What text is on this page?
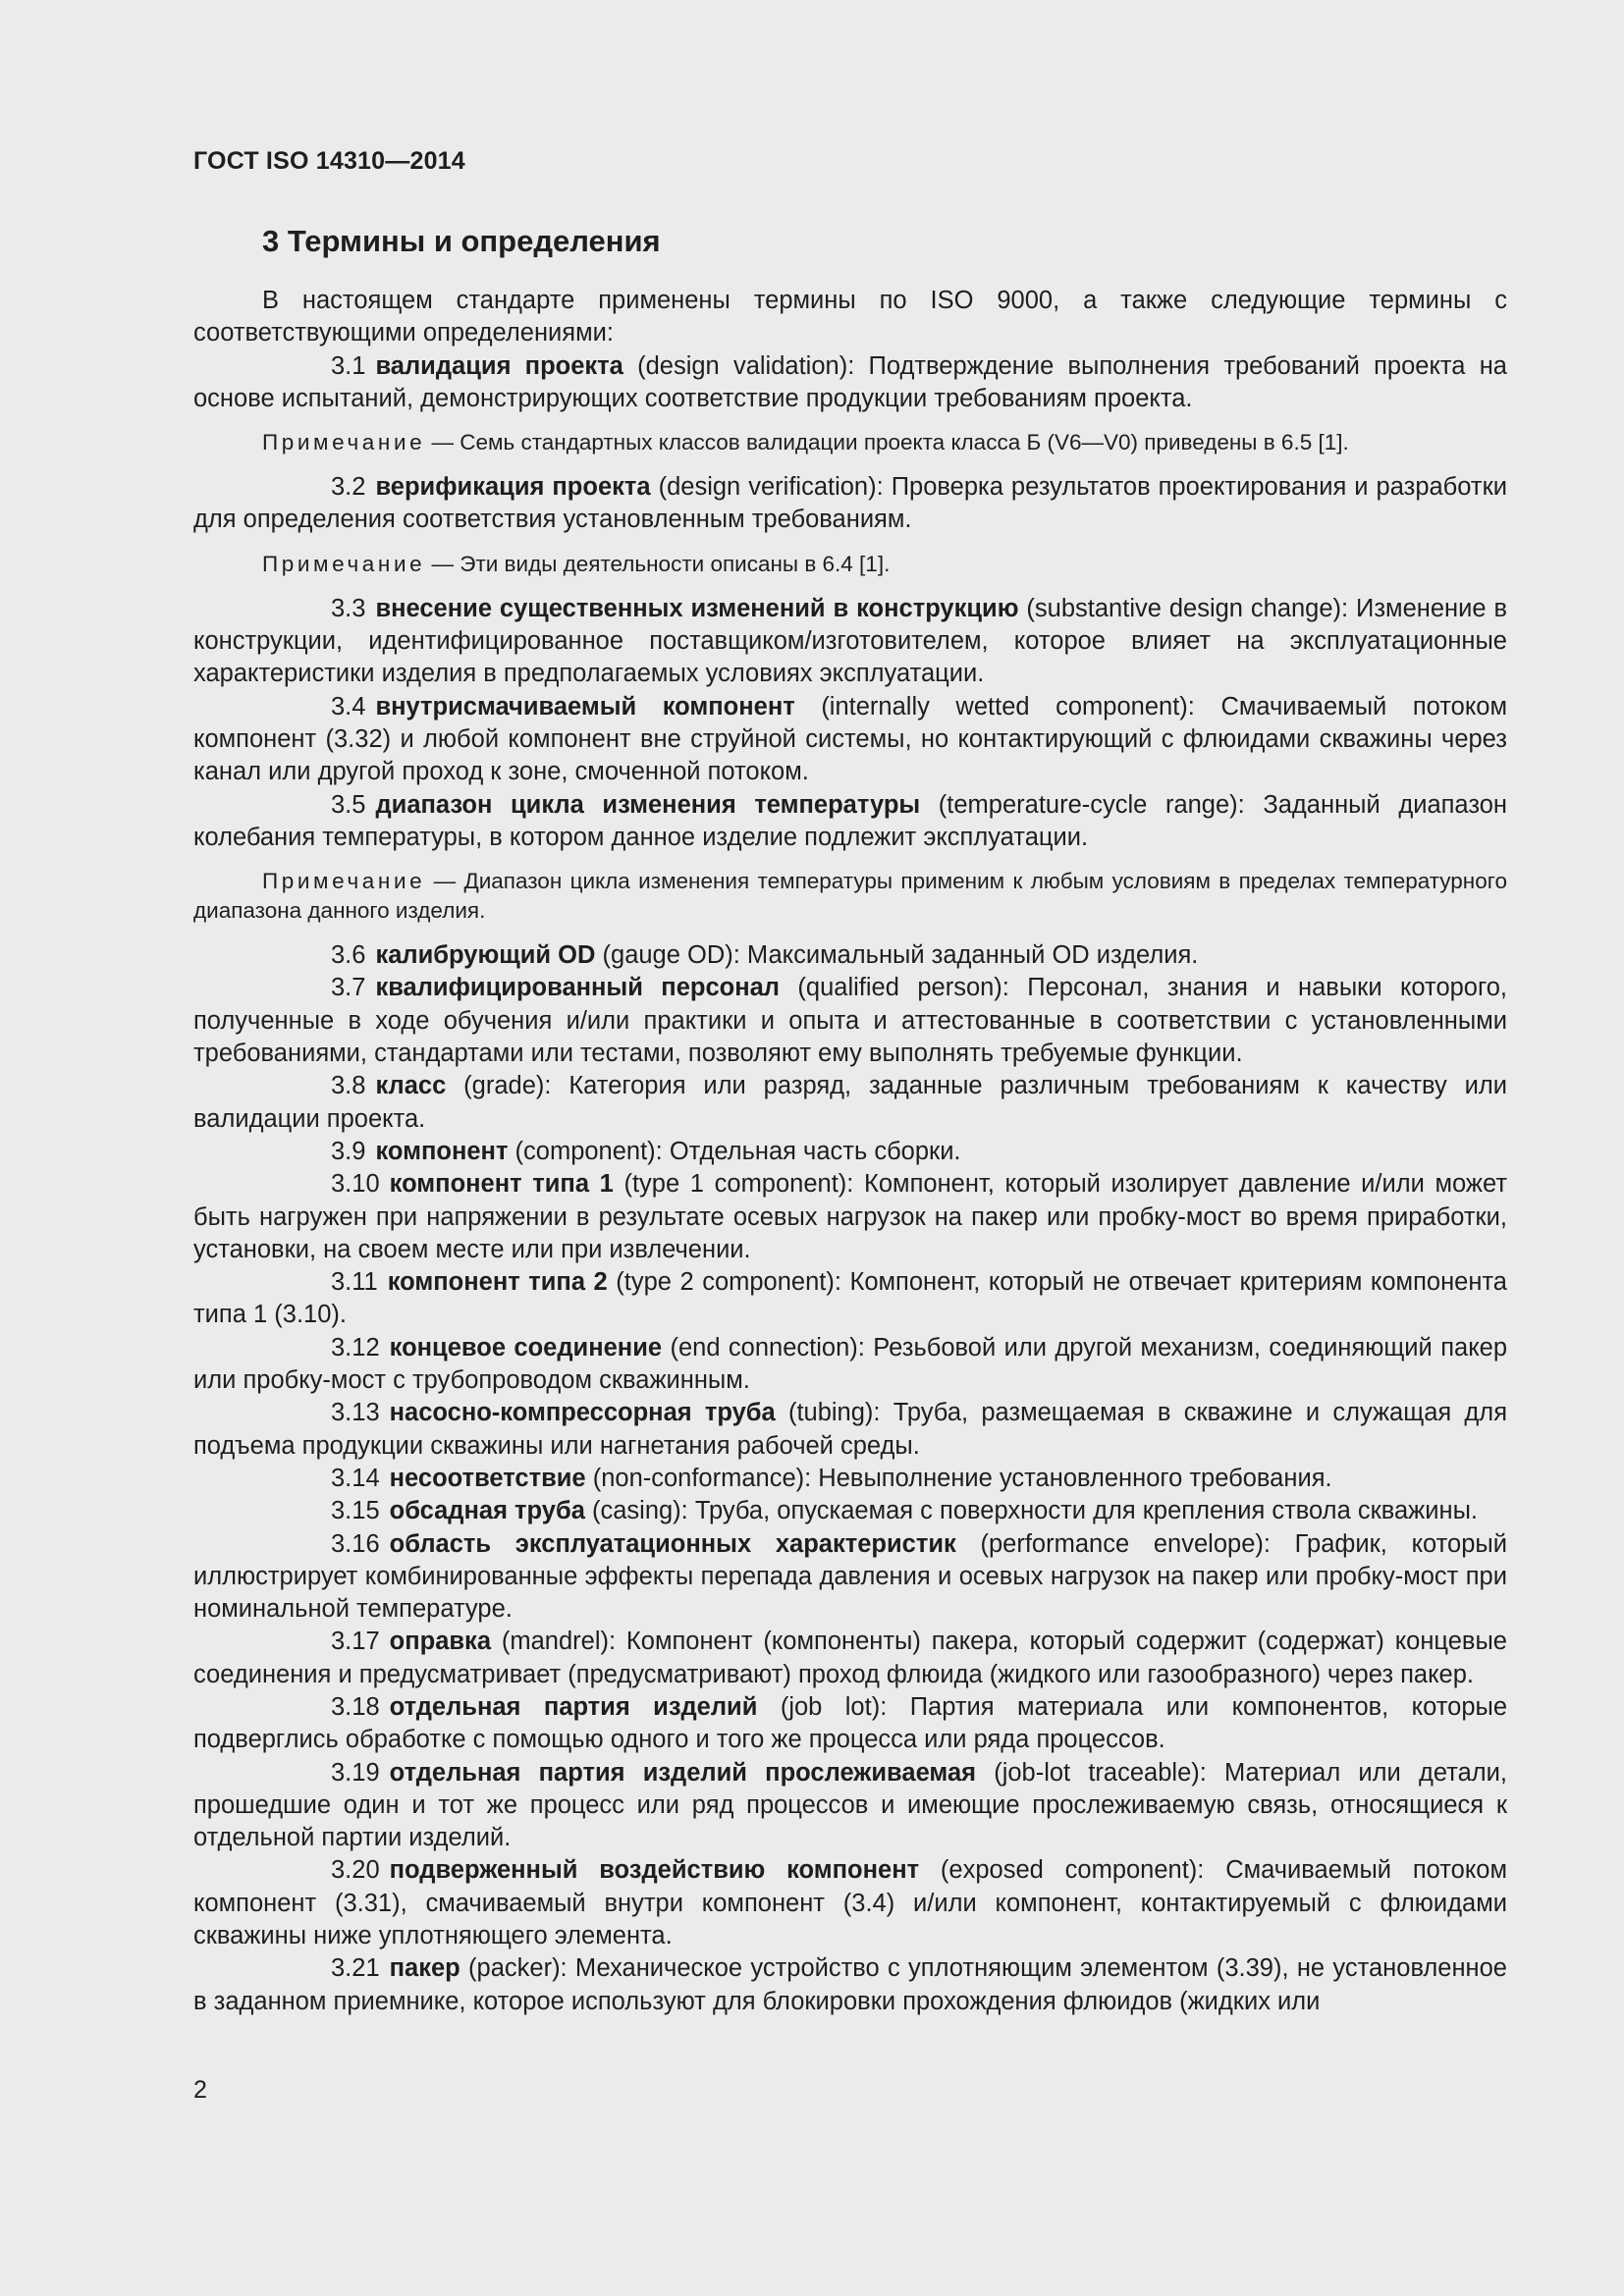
ГОСТ ISO 14310—2014
3 Термины и определения

В настоящем стандарте применены термины по ISO 9000, а также следующие термины с соответствующими определениями:

3.1 валидация проекта (design validation): Подтверждение выполнения требований проекта на основе испытаний, демонстрирующих соответствие продукции требованиям проекта.

Примечание — Семь стандартных классов валидации проекта класса Б (V6—V0) приведены в 6.5 [1].

3.2 верификация проекта (design verification): Проверка результатов проектирования и разработки для определения соответствия установленным требованиям.

Примечание — Эти виды деятельности описаны в 6.4 [1].

3.3 внесение существенных изменений в конструкцию (substantive design change): Изменение в конструкции, идентифицированное поставщиком/изготовителем, которое влияет на эксплуатационные характеристики изделия в предполагаемых условиях эксплуатации.

3.4 внутрисмачиваемый компонент (internally wetted component): Смачиваемый потоком компонент (3.32) и любой компонент вне струйной системы, но контактирующий с флюидами скважины через канал или другой проход к зоне, смоченной потоком.

3.5 диапазон цикла изменения температуры (temperature-cycle range): Заданный диапазон колебания температуры, в котором данное изделие подлежит эксплуатации.

Примечание — Диапазон цикла изменения температуры применим к любым условиям в пределах температурного диапазона данного изделия.

3.6 калибрующий OD (gauge OD): Максимальный заданный OD изделия.

3.7 квалифицированный персонал (qualified person): Персонал, знания и навыки которого, полученные в ходе обучения и/или практики и опыта и аттестованные в соответствии с установленными требованиями, стандартами или тестами, позволяют ему выполнять требуемые функции.

3.8 класс (grade): Категория или разряд, заданные различным требованиям к качеству или валидации проекта.

3.9 компонент (component): Отдельная часть сборки.

3.10 компонент типа 1 (type 1 component): Компонент, который изолирует давление и/или может быть нагружен при напряжении в результате осевых нагрузок на пакер или пробку-мост во время приработки, установки, на своем месте или при извлечении.

3.11 компонент типа 2 (type 2 component): Компонент, который не отвечает критериям компонента типа 1 (3.10).

3.12 концевое соединение (end connection): Резьбовой или другой механизм, соединяющий пакер или пробку-мост с трубопроводом скважинным.

3.13 насосно-компрессорная труба (tubing): Труба, размещаемая в скважине и служащая для подъема продукции скважины или нагнетания рабочей среды.

3.14 несоответствие (non-conformance): Невыполнение установленного требования.

3.15 обсадная труба (casing): Труба, опускаемая с поверхности для крепления ствола скважины.

3.16 область эксплуатационных характеристик (performance envelope): График, который иллюстрирует комбинированные эффекты перепада давления и осевых нагрузок на пакер или пробку-мост при номинальной температуре.

3.17 оправка (mandrel): Компонент (компоненты) пакера, который содержит (содержат) концевые соединения и предусматривает (предусматривают) проход флюида (жидкого или газообразного) через пакер.

3.18 отдельная партия изделий (job lot): Партия материала или компонентов, которые подверглись обработке с помощью одного и того же процесса или ряда процессов.

3.19 отдельная партия изделий прослеживаемая (job-lot traceable): Материал или детали, прошедшие один и тот же процесс или ряд процессов и имеющие прослеживаемую связь, относящиеся к отдельной партии изделий.

3.20 подверженный воздействию компонент (exposed component): Смачиваемый потоком компонент (3.31), смачиваемый внутри компонент (3.4) и/или компонент, контактируемый с флюидами скважины ниже уплотняющего элемента.

3.21 пакер (packer): Механическое устройство с уплотняющим элементом (3.39), не установленное в заданном приемнике, которое используют для блокировки прохождения флюидов (жидких или

2
